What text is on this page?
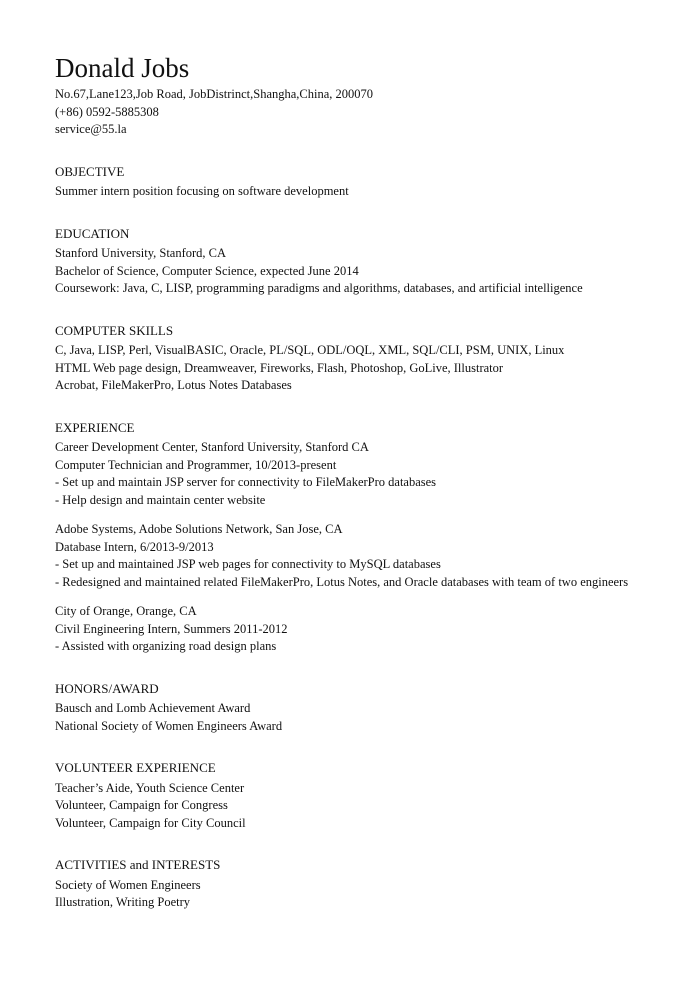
Donald Jobs
No.67,Lane123,Job Road, JobDistrinct,Shangha,China, 200070
(+86) 0592-5885308
service@55.la
OBJECTIVE
Summer intern position focusing on software development
EDUCATION
Stanford University, Stanford, CA
Bachelor of Science, Computer Science, expected June 2014
Coursework: Java, C, LISP, programming paradigms and algorithms, databases, and artificial intelligence
COMPUTER SKILLS
C, Java, LISP, Perl, VisualBASIC, Oracle, PL/SQL, ODL/OQL, XML, SQL/CLI, PSM, UNIX, Linux
HTML Web page design, Dreamweaver, Fireworks, Flash, Photoshop, GoLive, Illustrator
Acrobat, FileMakerPro, Lotus Notes Databases
EXPERIENCE
Career Development Center, Stanford University, Stanford CA
Computer Technician and Programmer, 10/2013-present
- Set up and maintain JSP server for connectivity to FileMakerPro databases
- Help design and maintain center website
Adobe Systems, Adobe Solutions Network, San Jose, CA
Database Intern, 6/2013-9/2013
- Set up and maintained JSP web pages for connectivity to MySQL databases
- Redesigned and maintained related FileMakerPro, Lotus Notes, and Oracle databases with team of two engineers
City of Orange, Orange, CA
Civil Engineering Intern, Summers 2011-2012
- Assisted with organizing road design plans
HONORS/AWARD
Bausch and Lomb Achievement Award
National Society of Women Engineers Award
VOLUNTEER EXPERIENCE
Teacher’s Aide, Youth Science Center
Volunteer, Campaign for Congress
Volunteer, Campaign for City Council
ACTIVITIES and INTERESTS
Society of Women Engineers
Illustration, Writing Poetry
